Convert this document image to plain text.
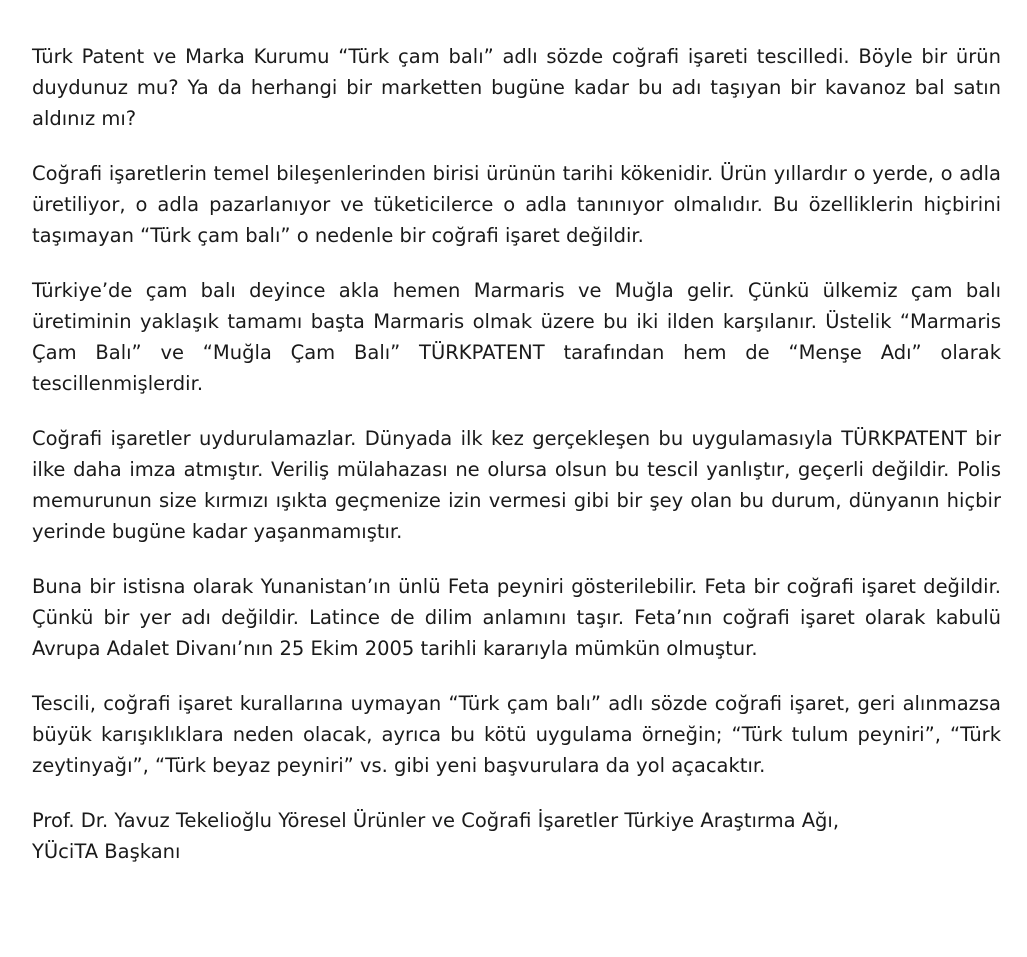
Türk Patent ve Marka Kurumu “Türk çam balı” adlı sözde coğrafi işareti tescilledi. Böyle bir ürün duydunuz mu? Ya da herhangi bir marketten bugüne kadar bu adı taşıyan bir kavanoz bal satın aldınız mı?

Coğrafi işaretlerin temel bileşenlerinden birisi ürünün tarihi kökenidir. Ürün yıllardır o yerde, o adla üretiliyor, o adla pazarlanıyor ve tüketicilerce o adla tanınıyor olmalıdır. Bu özelliklerin hiçbirini taşımayan “Türk çam balı” o nedenle bir coğrafi işaret değildir.

Türkiye’de çam balı deyince akla hemen Marmaris ve Muğla gelir. Çünkü ülkemiz çam balı üretiminin yaklaşık tamamı başta Marmaris olmak üzere bu iki ilden karşılanır. Üstelik “Marmaris Çam Balı” ve “Muğla Çam Balı” TÜRKPATENT tarafından hem de “Menşe Adı” olarak tescillenmişlerdir.

Coğrafi işaretler uydurulamazlar. Dünyada ilk kez gerçekleşen bu uygulamasıyla TÜRKPATENT bir ilke daha imza atmıştır. Veriliş mülahazası ne olursa olsun bu tescil yanlıştır, geçerli değildir. Polis memurunun size kırmızı ışıkta geçmenize izin vermesi gibi bir şey olan bu durum, dünyanın hiçbir yerinde bugüne kadar yaşanmamıştır.

Buna bir istisna olarak Yunanistan’ın ünlü Feta peyniri gösterilebilir. Feta bir coğrafi işaret değildir. Çünkü bir yer adı değildir. Latince de dilim anlamını taşır. Feta’nın coğrafi işaret olarak kabulü Avrupa Adalet Divanı’nın 25 Ekim 2005 tarihli kararıyla mümkün olmuştur.

Tescili, coğrafi işaret kurallarına uymayan “Türk çam balı” adlı sözde coğrafi işaret, geri alınmazsa büyük karışıklıklara neden olacak, ayrıca bu kötü uygulama örneğin; “Türk tulum peyniri”, “Türk zeytinyağı”, “Türk beyaz peyniri” vs. gibi yeni başvurulara da yol açacaktır.

Prof. Dr. Yavuz Tekelioğlu Yöresel Ürünler ve Coğrafi İşaretler Türkiye Araştırma Ağı,
YÜciTA Başkanı
